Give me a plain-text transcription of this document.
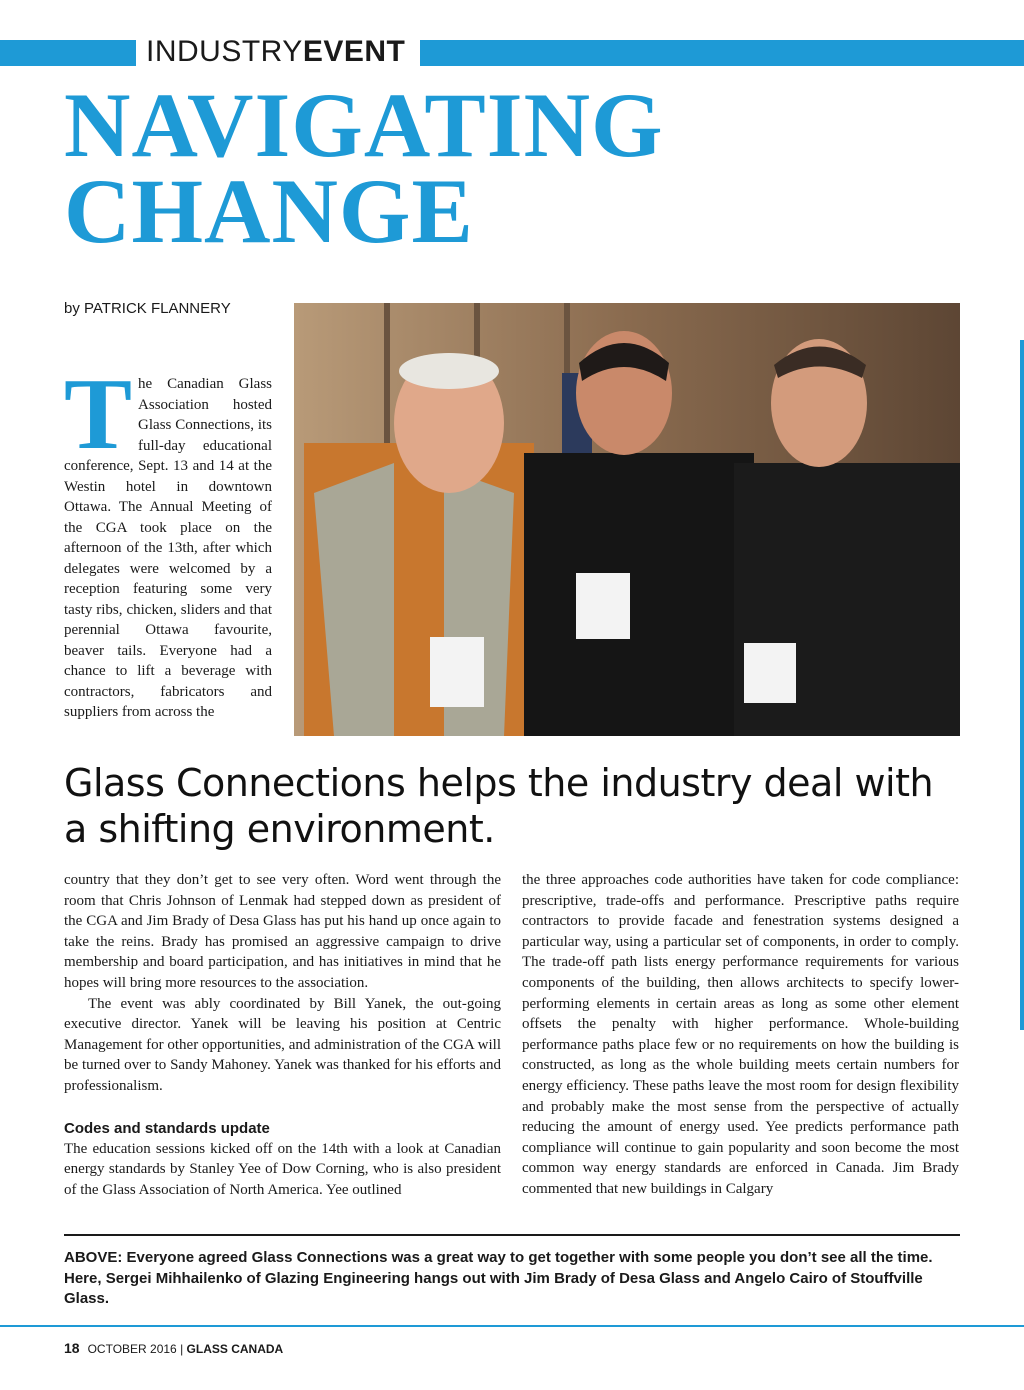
INDUSTRYEVENT
NAVIGATING CHANGE
by PATRICK FLANNERY
The Canadian Glass Association hosted Glass Connections, its full-day educational conference, Sept. 13 and 14 at the Westin hotel in downtown Ottawa. The Annual Meeting of the CGA took place on the afternoon of the 13th, after which delegates were welcomed by a reception featuring some very tasty ribs, chicken, sliders and that perennial Ottawa favourite, beaver tails. Everyone had a chance to lift a beverage with contractors, fabricators and suppliers from across the
Glass Connections helps the industry deal with a shifting environment.

country that they don’t get to see very often. Word went through the room that Chris Johnson of Lenmak had stepped down as president of the CGA and Jim Brady of Desa Glass has put his hand up once again to take the reins. Brady has promised an aggressive campaign to drive membership and board participation, and has initiatives in mind that he hopes will bring more resources to the association.

The event was ably coordinated by Bill Yanek, the out-going executive director. Yanek will be leaving his position at Centric Management for other opportunities, and administration of the CGA will be turned over to Sandy Mahoney. Yanek was thanked for his efforts and professionalism.

Codes and standards update

The education sessions kicked off on the 14th with a look at Canadian energy standards by Stanley Yee of Dow Corning, who is also president of the Glass Association of North America. Yee outlined

the three approaches code authorities have taken for code compliance: prescriptive, trade-offs and performance. Prescriptive paths require contractors to provide facade and fenestration systems designed a particular way, using a particular set of components, in order to comply. The trade-off path lists energy performance requirements for various components of the building, then allows architects to specify lower-performing elements in certain areas as long as some other element offsets the penalty with higher performance. Whole-building performance paths place few or no requirements on how the building is constructed, as long as the whole building meets certain numbers for energy efficiency. These paths leave the most room for design flexibility and probably make the most sense from the perspective of actually reducing the amount of energy used. Yee predicts performance path compliance will continue to gain popularity and soon become the most common way energy standards are enforced in Canada. Jim Brady commented that new buildings in Calgary

ABOVE: Everyone agreed Glass Connections was a great way to get together with some people you don’t see all the time. Here, Sergei Mihhailenko of Glazing Engineering hangs out with Jim Brady of Desa Glass and Angelo Cairo of Stouffville Glass.
18 OCTOBER 2016 | GLASS CANADA
